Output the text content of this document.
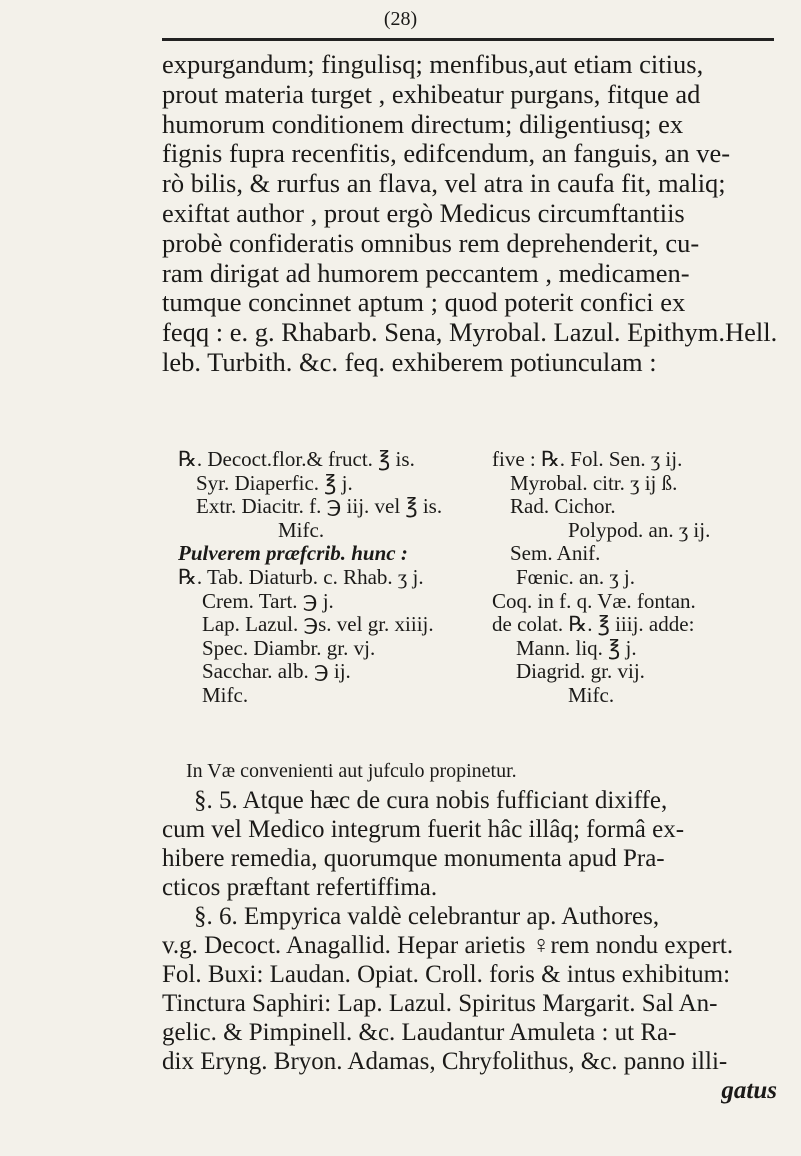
(28)
expurgandum; fingulisq; menfibus,aut etiam citius,
prout materia turget , exhibeatur purgans, fitque ad
humorum conditionem directum; diligentiusq; ex
fignis fupra recenfitis, edifcendum, an fanguis, an ve-
rò bilis, & rurfus an flava, vel atra in caufa fit, maliq;
exiftat author , prout ergò Medicus circumftantiis
probè confideratis omnibus rem deprehenderit, cu-
ram dirigat ad humorem peccantem , medicamen-
tumque concinnet aptum ; quod poterit confici ex
feqq : e. g. Rhabarb. Sena, Myrobal. Lazul. Epithym.Hell.
leb. Turbith. &c. feq. exhiberem potiunculam :
℞. Decoct.flor.& fruct. ℥ is.
Syr. Diaperfic. ℥ j.
Extr. Diacitr. f. ℈ iij. vel ℥ is.
Mifc.
Pulverem præfcrib. hunc :
℞. Tab. Diaturb. c. Rhab. ʒ j.
Crem. Tart. ℈ j.
Lap. Lazul. ℈s. vel gr. xiiij.
Spec. Diambr. gr. vj.
Sacchar. alb. ℈ ij.
Mifc.
five : ℞. Fol. Sen. ʒ ij.
Myrobal. citr. ʒ ij ß.
Rad. Cichor.
Polypod. an. ʒ ij.
Sem. Anif.
Fœnic. an. ʒ j.
Coq. in f. q. Væ. fontan.
de colat. ℞. ℥ iiij. adde:
Mann. liq. ℥ j.
Diagrid. gr. vij.
Mifc.
In Væ convenienti aut jufculo propinetur.
§. 5. Atque hæc de cura nobis fufficiant dixiffe,
cum vel Medico integrum fuerit hâc illâq; formâ ex-
hibere remedia, quorumque monumenta apud Pra-
cticos præftant refertiffima.
§. 6. Empyrica valdè celebrantur ap. Authores,
v.g. Decoct. Anagallid. Hepar arietis ♀rem nondu expert.
Fol. Buxi: Laudan. Opiat. Croll. foris & intus exhibitum:
Tinctura Saphiri: Lap. Lazul. Spiritus Margarit. Sal An-
gelic. & Pimpinell. &c. Laudantur Amuleta : ut Ra-
dix Eryng. Bryon. Adamas, Chryfolithus, &c. panno illi-
gatus
